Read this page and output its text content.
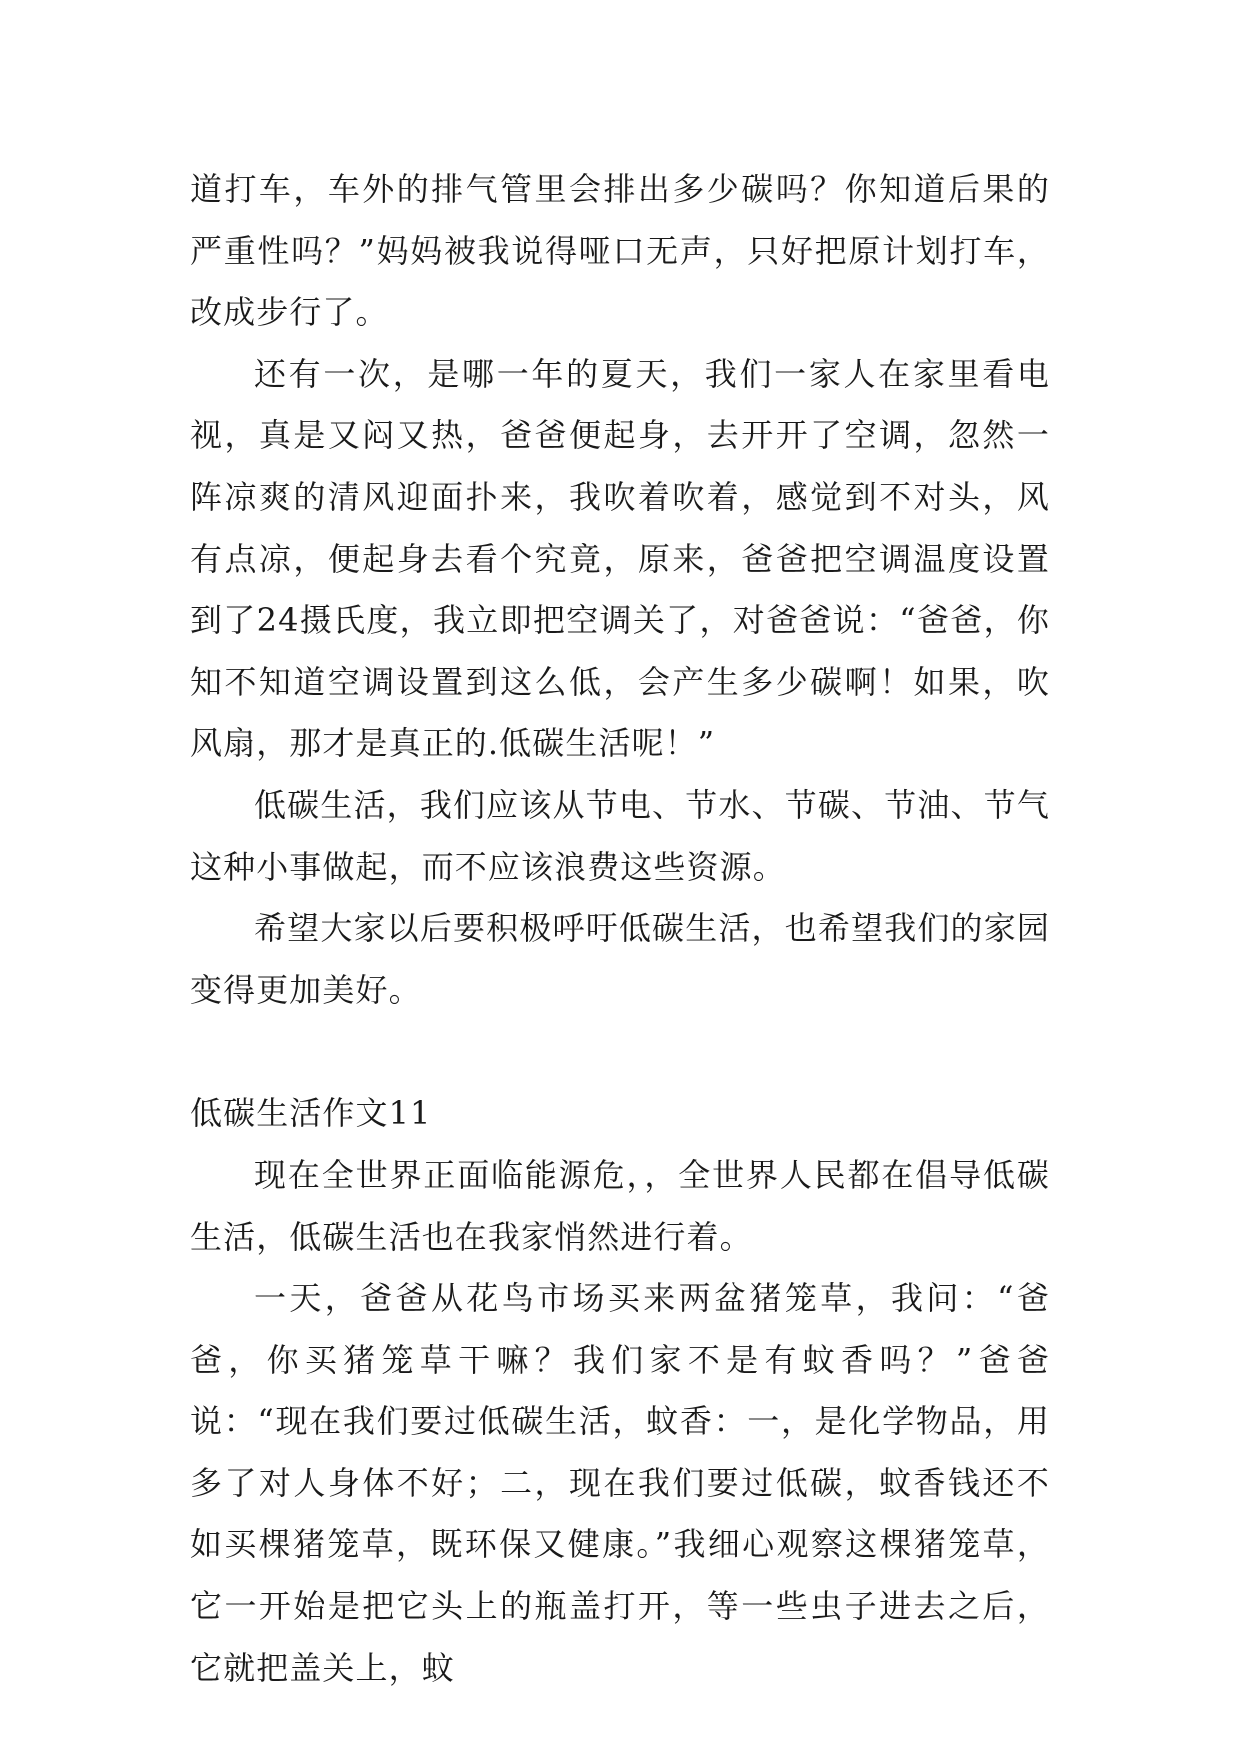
道打车，车外的排气管里会排出多少碳吗？你知道后果的严重性吗？”妈妈被我说得哑口无声，只好把原计划打车，改成步行了。

还有一次，是哪一年的夏天，我们一家人在家里看电视，真是又闷又热，爸爸便起身，去开开了空调，忽然一阵凉爽的清风迎面扑来，我吹着吹着，感觉到不对头，风有点凉，便起身去看个究竟，原来，爸爸把空调温度设置到了24摄氏度，我立即把空调关了，对爸爸说：“爸爸，你知不知道空调设置到这么低，会产生多少碳啊！如果，吹风扇，那才是真正的.低碳生活呢！”

低碳生活，我们应该从节电、节水、节碳、节油、节气这种小事做起，而不应该浪费这些资源。

希望大家以后要积极呼吁低碳生活，也希望我们的家园变得更加美好。

低碳生活作文11

现在全世界正面临能源危，，全世界人民都在倡导低碳生活，低碳生活也在我家悄然进行着。

一天，爸爸从花鸟市场买来两盆猪笼草，我问：“爸爸，你买猪笼草干嘛？我们家不是有蚊香吗？”爸爸说：“现在我们要过低碳生活，蚊香：一，是化学物品，用多了对人身体不好；二，现在我们要过低碳，蚊香钱还不如买棵猪笼草，既环保又健康。”我细心观察这棵猪笼草，它一开始是把它头上的瓶盖打开，等一些虫子进去之后，它就把盖关上，蚊
